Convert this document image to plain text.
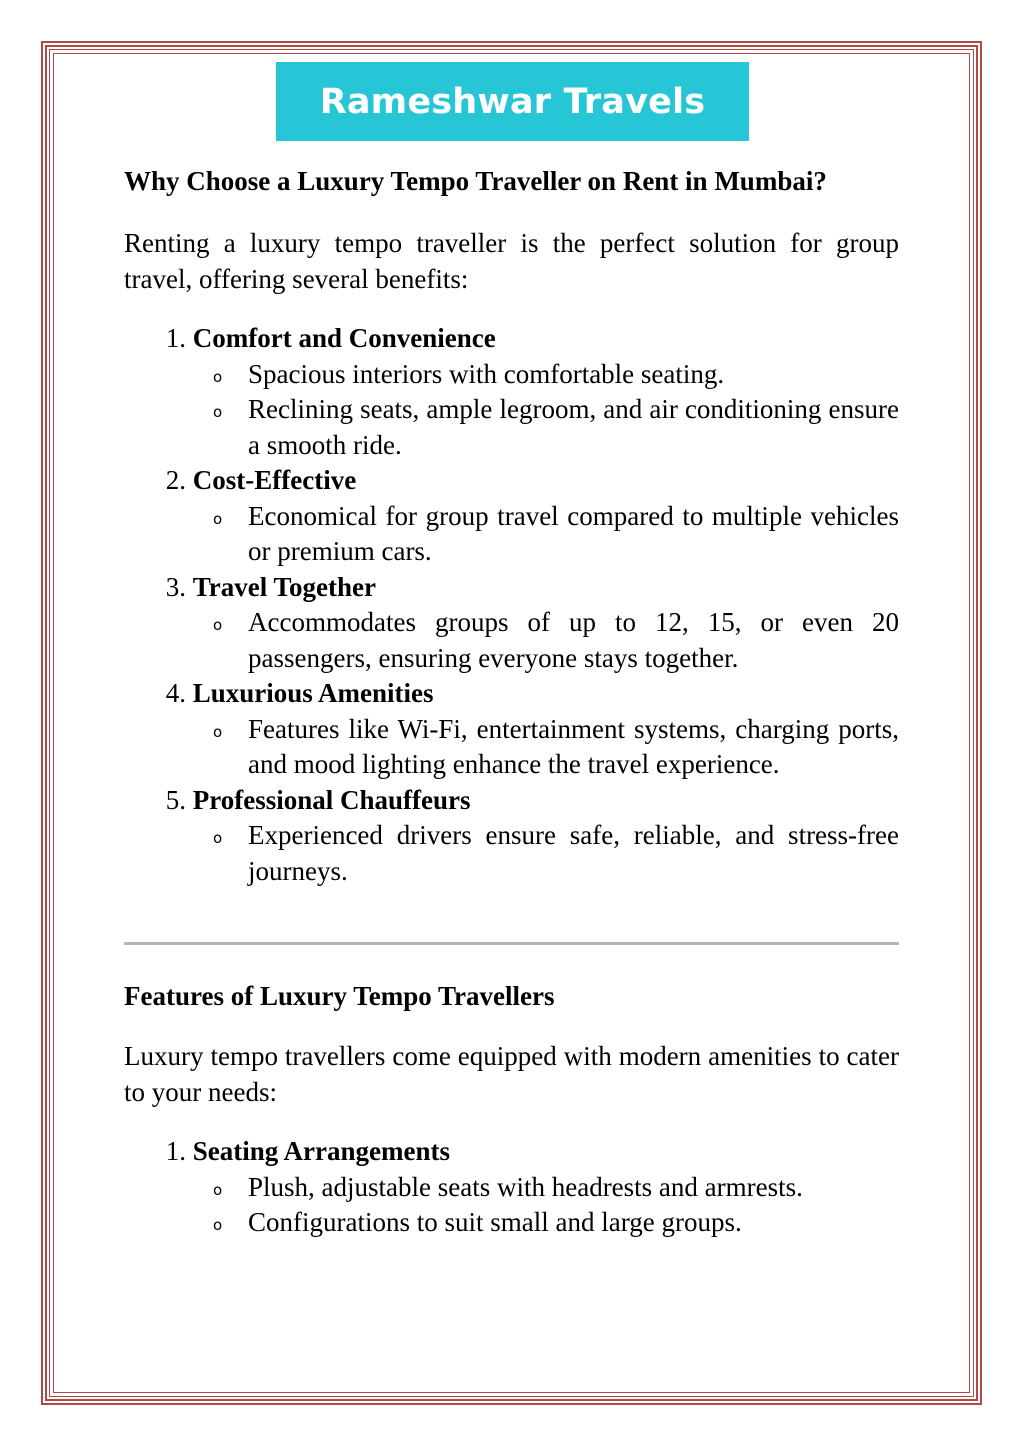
Rameshwar Travels
Why Choose a Luxury Tempo Traveller on Rent in Mumbai?

Renting a luxury tempo traveller is the perfect solution for group travel, offering several benefits:

1. Comfort and Convenience
o Spacious interiors with comfortable seating.
o Reclining seats, ample legroom, and air conditioning ensure a smooth ride.
2. Cost-Effective
o Economical for group travel compared to multiple vehicles or premium cars.
3. Travel Together
o Accommodates groups of up to 12, 15, or even 20 passengers, ensuring everyone stays together.
4. Luxurious Amenities
o Features like Wi-Fi, entertainment systems, charging ports, and mood lighting enhance the travel experience.
5. Professional Chauffeurs
o Experienced drivers ensure safe, reliable, and stress-free journeys.
Features of Luxury Tempo Travellers

Luxury tempo travellers come equipped with modern amenities to cater to your needs:

1. Seating Arrangements
o Plush, adjustable seats with headrests and armrests.
o Configurations to suit small and large groups.
